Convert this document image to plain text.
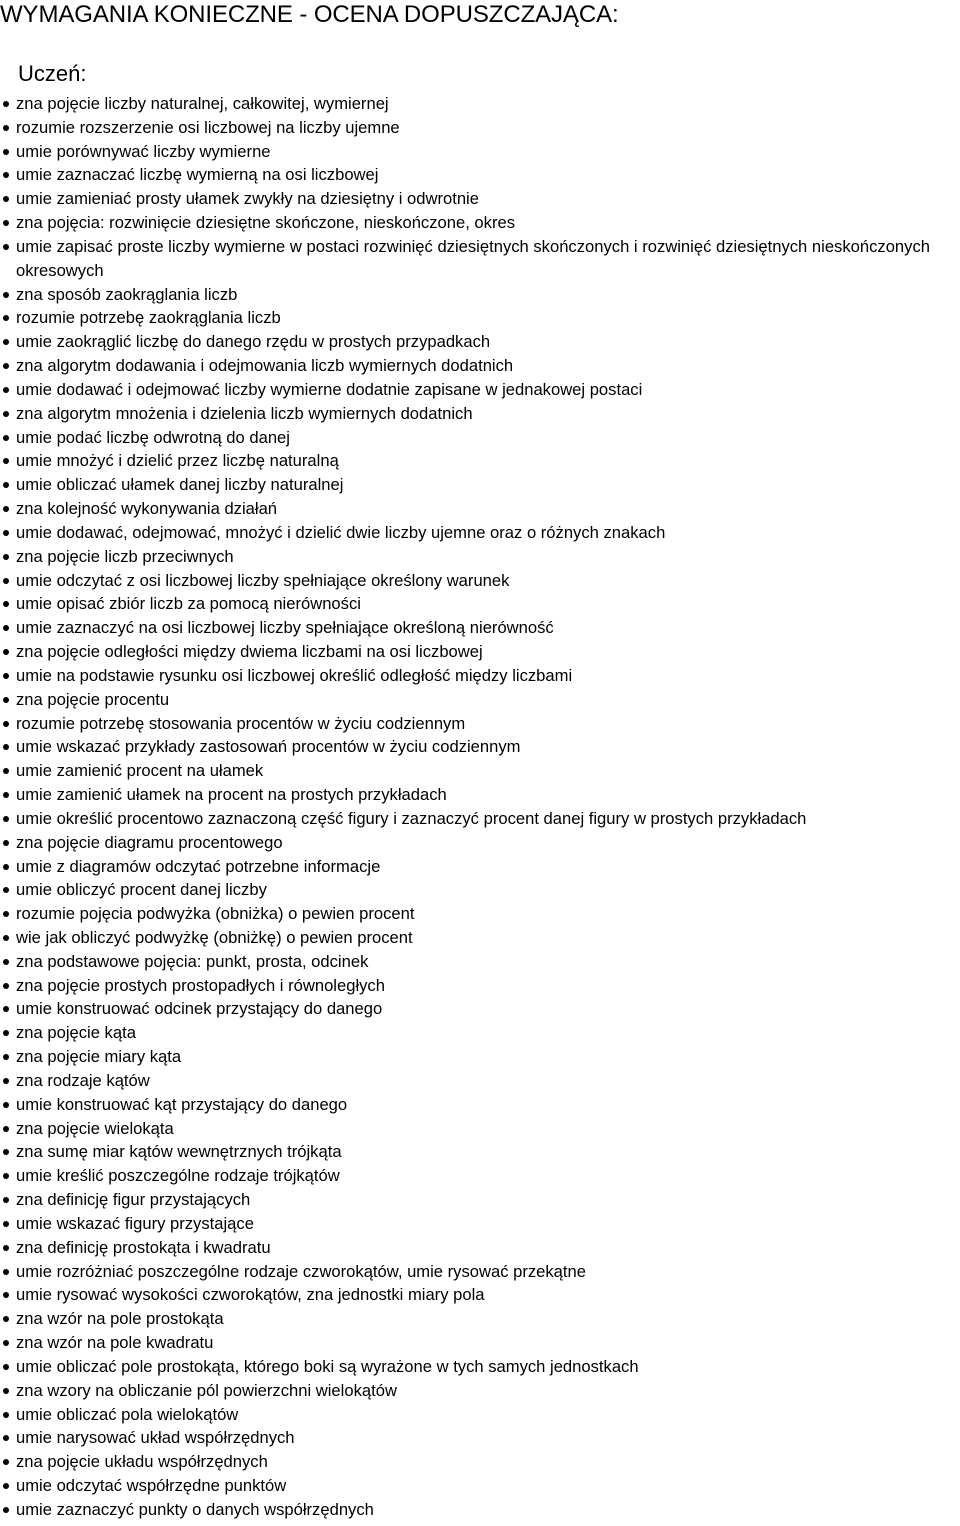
WYMAGANIA KONIECZNE - OCENA DOPUSZCZAJĄCA:
Uczeń:
zna pojęcie liczby naturalnej, całkowitej, wymiernej
rozumie rozszerzenie osi liczbowej na liczby ujemne
umie porównywać liczby wymierne
umie zaznaczać liczbę wymierną na osi liczbowej
umie zamieniać prosty ułamek zwykły na dziesiętny i odwrotnie
zna pojęcia: rozwinięcie dziesiętne skończone, nieskończone, okres
umie zapisać proste liczby wymierne w postaci rozwinięć dziesiętnych skończonych i rozwinięć dziesiętnych nieskończonych okresowych
zna sposób zaokrąglania liczb
rozumie potrzebę zaokrąglania liczb
umie zaokrąglić liczbę do danego rzędu w prostych przypadkach
zna algorytm dodawania i odejmowania liczb wymiernych dodatnich
umie dodawać i odejmować liczby wymierne dodatnie zapisane w jednakowej postaci
zna algorytm mnożenia i dzielenia liczb wymiernych dodatnich
umie podać liczbę odwrotną do danej
umie mnożyć i dzielić przez liczbę naturalną
umie obliczać ułamek danej liczby naturalnej
zna kolejność wykonywania działań
umie dodawać, odejmować, mnożyć i dzielić dwie liczby ujemne oraz o różnych znakach
zna pojęcie liczb przeciwnych
umie odczytać z osi liczbowej liczby spełniające określony warunek
umie opisać zbiór liczb za pomocą nierówności
umie zaznaczyć na osi liczbowej liczby spełniające określoną nierówność
zna pojęcie odległości między dwiema liczbami na osi liczbowej
umie na podstawie rysunku osi liczbowej określić odległość między liczbami
zna pojęcie procentu
rozumie potrzebę stosowania procentów w życiu codziennym
umie wskazać przykłady zastosowań procentów w życiu codziennym
umie zamienić procent na ułamek
umie zamienić ułamek na procent na prostych przykładach
umie określić procentowo zaznaczoną część figury i zaznaczyć procent danej figury w prostych przykładach
zna pojęcie diagramu procentowego
umie z diagramów odczytać potrzebne informacje
umie obliczyć procent danej liczby
rozumie pojęcia podwyżka (obniżka) o pewien procent
wie jak obliczyć podwyżkę (obniżkę) o pewien procent
zna podstawowe pojęcia: punkt, prosta, odcinek
zna pojęcie prostych prostopadłych i równoległych
umie konstruować odcinek przystający do danego
zna pojęcie kąta
zna pojęcie miary kąta
zna rodzaje kątów
umie konstruować kąt przystający do danego
zna pojęcie wielokąta
zna sumę miar kątów wewnętrznych trójkąta
umie kreślić poszczególne rodzaje trójkątów
zna definicję figur przystających
umie wskazać figury przystające
zna definicję prostokąta i kwadratu
umie rozróżniać poszczególne rodzaje czworokątów, umie rysować przekątne
umie rysować wysokości czworokątów, zna jednostki miary pola
zna wzór na pole prostokąta
zna wzór na pole kwadratu
umie obliczać pole prostokąta, którego boki są wyrażone w tych samych jednostkach
zna wzory na obliczanie pól powierzchni wielokątów
umie obliczać pola wielokątów
umie narysować układ współrzędnych
zna pojęcie układu współrzędnych
umie odczytać współrzędne punktów
umie zaznaczyć punkty o danych współrzędnych
